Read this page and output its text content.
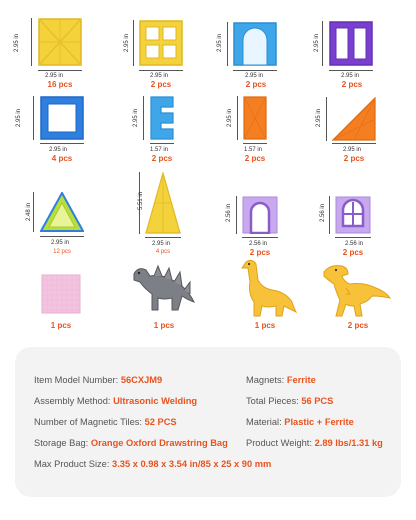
2.95 in
2.95 in
16 pcs
2.95 in
2.95 in
2 pcs
2.95 in
2.95 in
2 pcs
2.95 in
2.95 in
2 pcs
2.95 in
2.95 in
4 pcs
2.95 in
1.57 in
2 pcs
2.95 in
1.57 in
2 pcs
2.95 in
2.95 in
2 pcs
2.48 in
2.95 in
12 pcs
5.51 in
2.95 in
4 pcs
2.56 in
2.56 in
2 pcs
2.56 in
2.56 in
2 pcs
1 pcs	1 pcs	1 pcs	2 pcs
Item Model Number: 56CXJM9	Magnets: Ferrite
Assembly Method: Ultrasonic Welding	Total Pieces: 56 PCS
Number of Magnetic Tiles: 52 PCS	Material: Plastic + Ferrite
Storage Bag: Orange Oxford Drawstring Bag Product Weight: 2.89 lbs/1.31 kg
Max Product Size: 3.35 x 0.98 x 3.54 in/85 x 25 x 90 mm
